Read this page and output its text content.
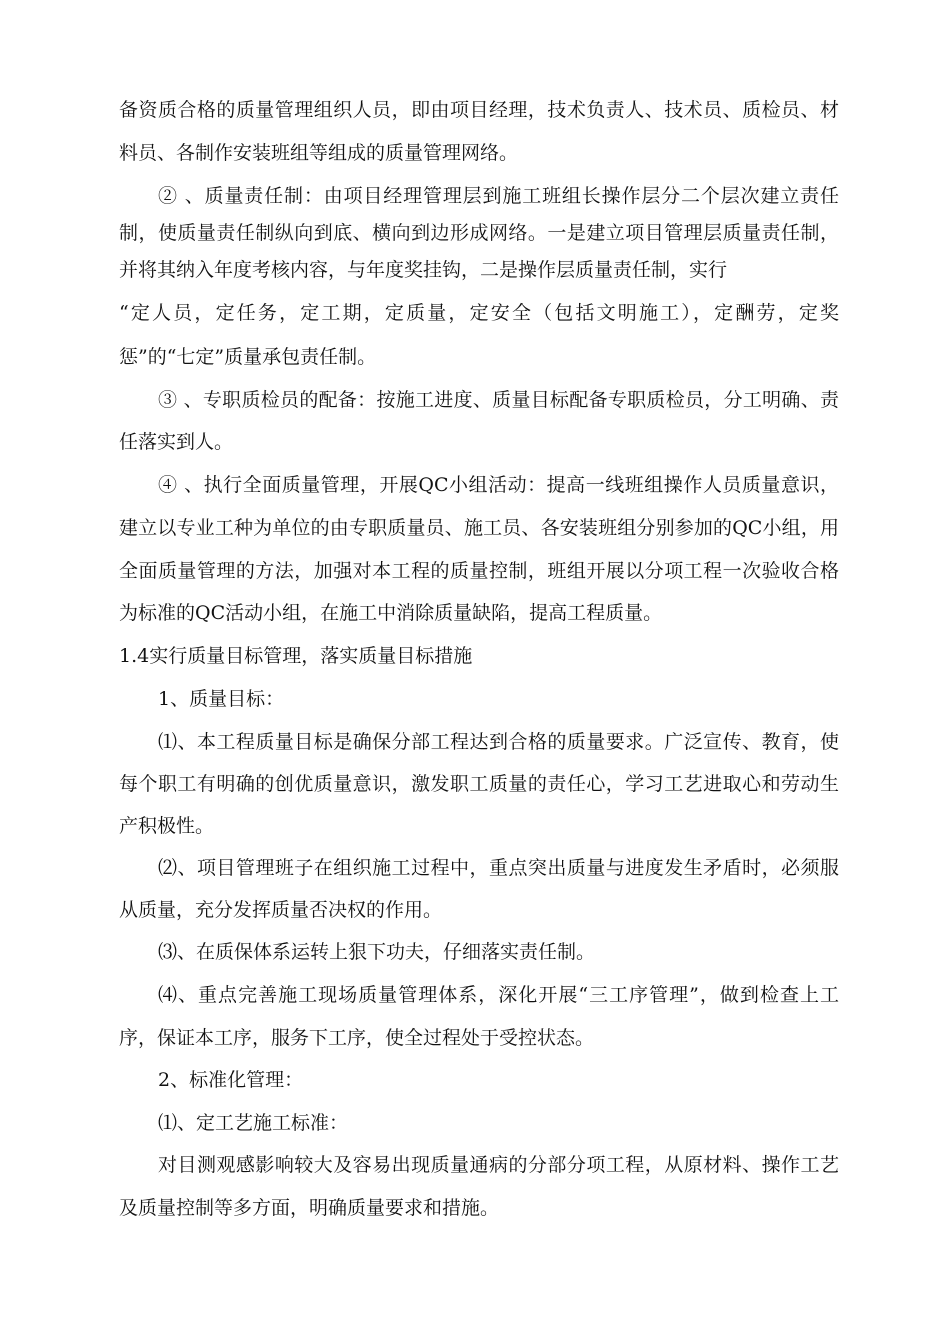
备资质合格的质量管理组织人员，即由项目经理，技术负责人、技术员、质检员、材
料员、各制作安装班组等组成的质量管理网络。
② 、质量责任制：由项目经理管理层到施工班组长操作层分二个层次建立责任
制，使质量责任制纵向到底、横向到边形成网络。一是建立项目管理层质量责任制，
并将其纳入年度考核内容，与年度奖挂钩，二是操作层质量责任制，实行
“定人员，定任务，定工期，定质量，定安全（包括文明施工），定酬劳，定奖
惩”的“七定”质量承包责任制。
③ 、专职质检员的配备：按施工进度、质量目标配备专职质检员，分工明确、责
任落实到人。
④ 、执行全面质量管理，开展QC小组活动：提高一线班组操作人员质量意识，
建立以专业工种为单位的由专职质量员、施工员、各安装班组分别参加的QC小组，用
全面质量管理的方法，加强对本工程的质量控制，班组开展以分项工程一次验收合格
为标准的QC活动小组，在施工中消除质量缺陷，提高工程质量。
1.4实行质量目标管理，落实质量目标措施
1、质量目标：
⑴、本工程质量目标是确保分部工程达到合格的质量要求。广泛宣传、教育，使
每个职工有明确的创优质量意识，激发职工质量的责任心，学习工艺进取心和劳动生
产积极性。
⑵、项目管理班子在组织施工过程中，重点突出质量与进度发生矛盾时，必须服
从质量，充分发挥质量否决权的作用。
⑶、在质保体系运转上狠下功夫，仔细落实责任制。
⑷、重点完善施工现场质量管理体系，深化开展“三工序管理”，做到检查上工
序，保证本工序，服务下工序，使全过程处于受控状态。
2、标准化管理：
⑴、定工艺施工标准：
对目测观感影响较大及容易出现质量通病的分部分项工程，从原材料、操作工艺
及质量控制等多方面，明确质量要求和措施。
